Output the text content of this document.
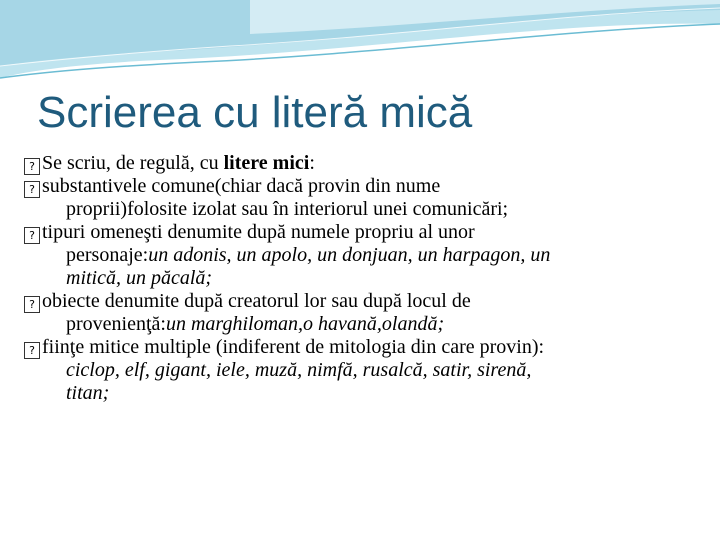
Scrierea cu literă mică
? Se scriu, de regulă, cu litere mici:
? substantivele comune(chiar dacă provin din nume
proprii)folosite izolat sau în interiorul unei comunicări;
? tipuri omeneşti denumite după numele propriu al unor
personaje:un adonis, un apolo, un donjuan, un harpagon, un
mitică, un păcală;
? obiecte denumite după creatorul lor sau după locul de
provenienţă:un marghiloman,o havană,olandă;
? fiinţe mitice multiple (indiferent de mitologia din care provin):
ciclop, elf, gigant, iele, muză, nimfă, rusalcă, satir, sirenă,
titan;
